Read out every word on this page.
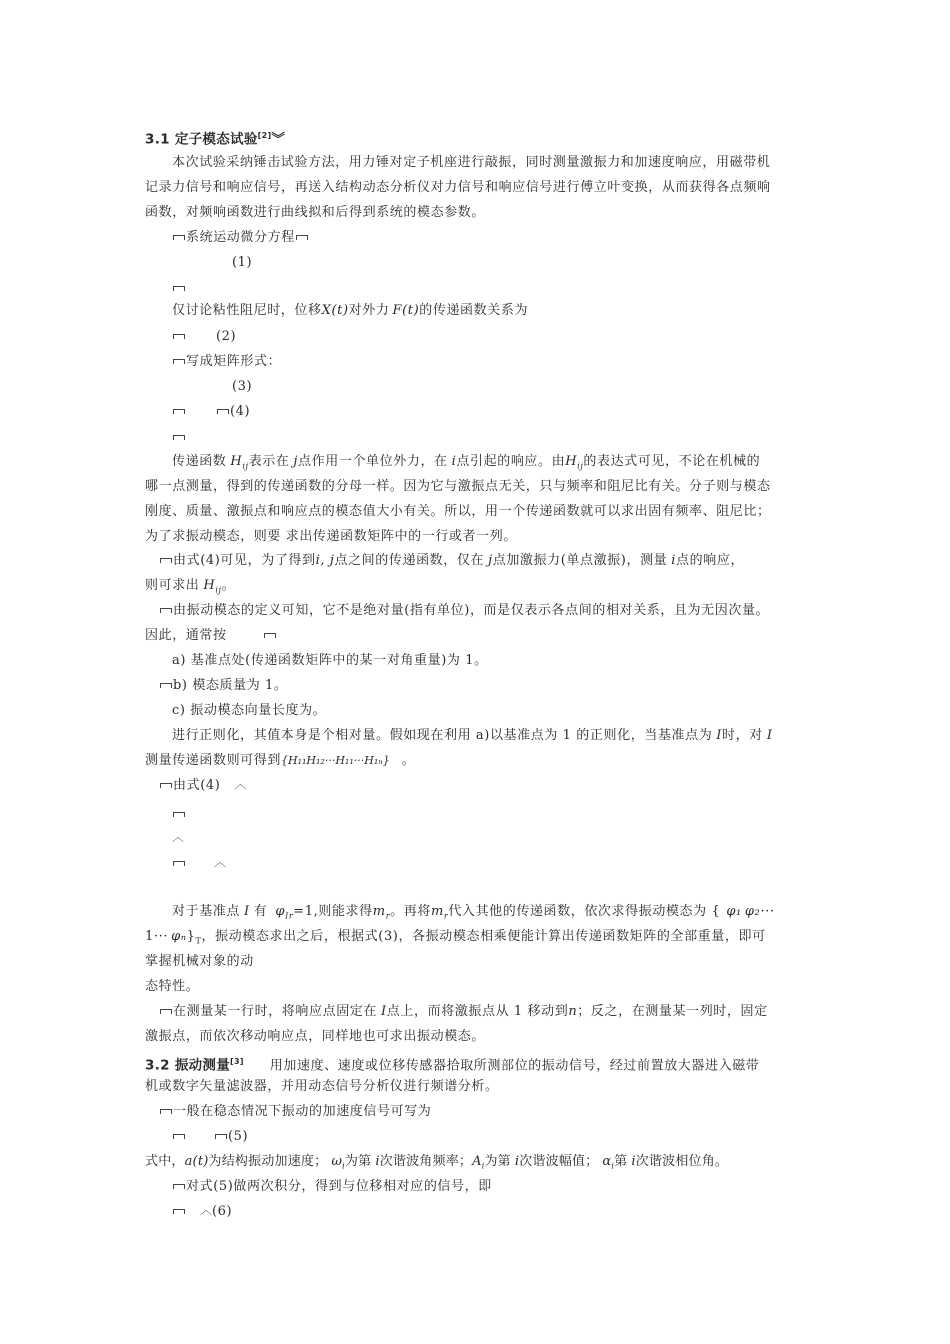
3.1 定子模态试验[2]︾
本次试验采纳锤击试验方法，用力锤对定子机座进行敲振，同时测量激振力和加速度响应，用磁带机
记录力信号和响应信号，再送入结构动态分析仪对力信号和响应信号进行傅立叶变换，从而获得各点频响
函数，对频响函数进行曲线拟和后得到系统的模态参数。
系统运动微分方程
(1)
仅讨论粘性阻尼时，位移X(t)对外力 F(t)的传递函数关系为
(2)
写成矩阵形式：
(3)
(4)
传递函数 $H_{ij}$表示在 j点作用一个单位外力，在 i点引起的响应。由$H_{ij}$的表达式可见，不论在机械的
哪一点测量，得到的传递函数的分母一样。因为它与激振点无关，只与频率和阻尼比有关。分子则与模态
刚度、质量、激振点和响应点的模态值大小有关。所以，用一个传递函数就可以求出固有频率、阻尼比；
为了求振动模态，则要 求出传递函数矩阵中的一行或者一列。
由式(4)可见，为了得到i, j点之间的传递函数，仅在 j点加激振力(单点激振)，测量 i点的响应，
则可求出 $H_{ij}$。
由振动模态的定义可知，它不是绝对量(指有单位)，而是仅表示各点间的相对关系，且为无因次量。
因此，通常按
a) 基准点处(传递函数矩阵中的某一对角重量)为 1。
b) 模态质量为 1。
c) 振动模态向量长度为。
进行正则化，其值本身是个相对量。假如现在利用 a)以基准点为 1 的正则化，当基准点为 I时，对 I
测量传递函数则可得到{H₁₁H₁₂···H₁₁···H₁ₙ} 。
由式(4)︿
︿
︿
对于基准点 I 有 $\varphi_{Ir}=1$,则能求得$m_r$。再将$m_r$代入其他的传递函数，依次求得振动模态为 { φ₁ φ₂···
$1\cdot\cdot\cdot \varphi_n\}_T$，振动模态求出之后，根据式(3)，各振动模态相乘便能计算出传递函数矩阵的全部重量，即可
掌握机械对象的动
态特性。
在测量某一行时，将响应点固定在 I点上，而将激振点从 1 移动到n；反之，在测量某一列时，固定
激振点，而依次移动响应点，同样地也可求出振动模态。
3.2 振动测量[3] 用加速度、速度或位移传感器拾取所测部位的振动信号，经过前置放大器进入磁带
机或数字矢量滤波器，并用动态信号分析仪进行频谱分析。
一般在稳态情况下振动的加速度信号可写为
(5)
式中，a(t)为结构振动加速度； $\omega_i$为第 i次谐波角频率；$A_i$为第 i次谐波幅值； $\alpha_i$第 i次谐波相位角。
对式(5)做两次积分，得到与位移相对应的信号，即
︿(6)
